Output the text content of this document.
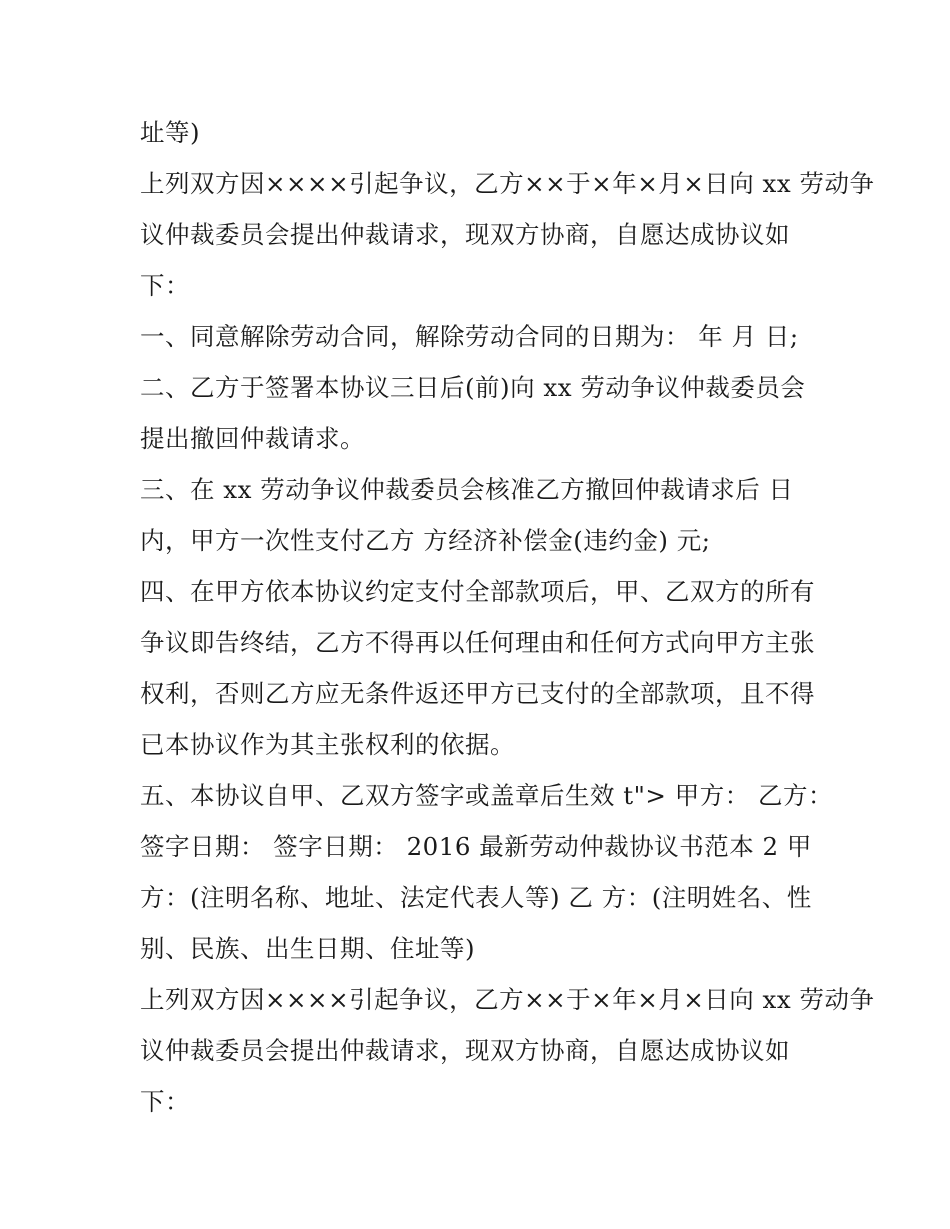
址等)
上列双方因××××引起争议，乙方××于×年×月×日向 xx 劳动争
议仲裁委员会提出仲裁请求，现双方协商，自愿达成协议如
下：
一、同意解除劳动合同，解除劳动合同的日期为： 年 月 日;
二、乙方于签署本协议三日后(前)向 xx 劳动争议仲裁委员会
提出撤回仲裁请求。
三、在 xx 劳动争议仲裁委员会核准乙方撤回仲裁请求后 日
内，甲方一次性支付乙方 方经济补偿金(违约金) 元;
四、在甲方依本协议约定支付全部款项后，甲、乙双方的所有
争议即告终结，乙方不得再以任何理由和任何方式向甲方主张
权利，否则乙方应无条件返还甲方已支付的全部款项，且不得
已本协议作为其主张权利的依据。
五、本协议自甲、乙双方签字或盖章后生效 t"> 甲方： 乙方：
签字日期： 签字日期： 2016 最新劳动仲裁协议书范本 2 甲
方：(注明名称、地址、法定代表人等) 乙 方：(注明姓名、性
别、民族、出生日期、住址等)
上列双方因××××引起争议，乙方××于×年×月×日向 xx 劳动争
议仲裁委员会提出仲裁请求，现双方协商，自愿达成协议如
下：
